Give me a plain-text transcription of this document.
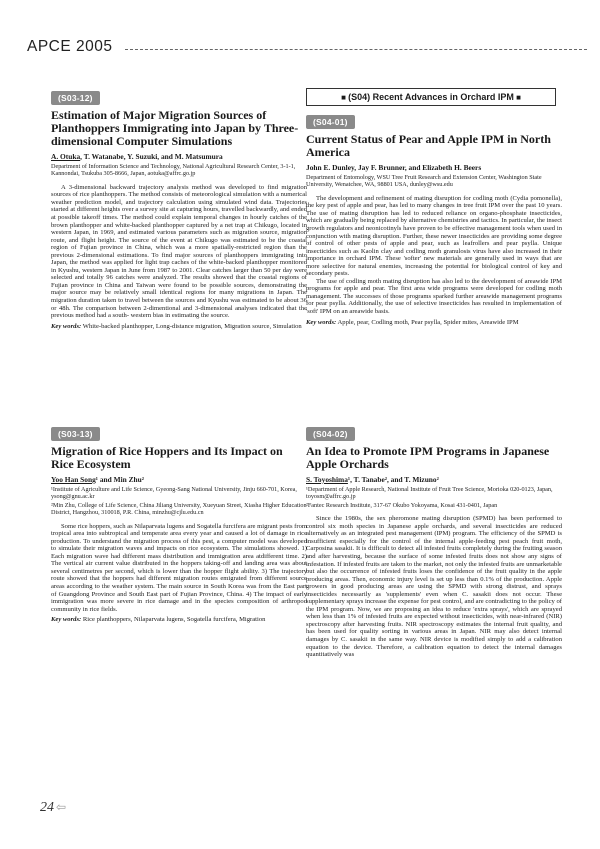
APCE 2005
(S03-12)
Estimation of Major Migration Sources of Planthoppers Immigrating into Japan by Three-dimensional Computer Simulations
A. Otuka, T. Watanabe, Y. Suzuki, and M. Matsumura
Department of Information Science and Technology, National Agricultural Research Center, 3-1-1, Kannondai, Tsukuba 305-8666, Japan, aotuka@affrc.go.jp

A 3-dimensional backward trajectory analysis method was developed to find migration sources of rice planthoppers. The method consists of meteorological simulation with a numerical weather prediction model, and trajectory calculation using simulated wind data. Trajectories started at different heights over a survey site at capturing hours, travelled backwardly, and ended at possible takeoff times. The method could explain temporal changes in hourly catches of the brown planthopper and white-backed planthopper captured by a net trap at Chikugo, located in western Japan, in 1969, and estimated various parameters such as migration source, migration route, and flight height. The source of the event at Chikugo was estimated to be the coastal region of Fujian province in China, which was a more spatially-restricted region than the previous 2-dimensional estimations. To find major sources of planthoppers immigrating into Japan, the method was applied for light trap caches of the white-backed planthopper monitored in Kyushu, western Japan in June from 1987 to 2001. Clear catches larger than 50 per day were selected and totally 96 catches were analyzed. The results showed that the coastal regions of Fujian province in China and Taiwan were found to be possible sources, demonstrating the major source may be relatively small identical regions for many migrations in Japan. The migration duration taken to travel between the sources and Kyushu was estimated to be about 36 or 48h. The comparison between 2-dimentional and 3-dimensional analyses indicated that the previous method had a south- western bias in estimating the source.

Key words: White-backed planthopper, Long-distance migration, Migration source, Simulation
(S03-13)
Migration of Rice Hoppers and Its Impact on Rice Ecosystem
Yoo Han Song¹ and Min Zhu²
¹Institute of Agriculture and Life Science, Gyeong-Sang National University, Jinju 660-701, Korea, ysong@gnu.ac.kr
²Min Zhu, College of Life Science, China Jiliang University, Xueyuan Street, Xiasha Higher Education District, Hangzhou, 310018, P.R. China, minzhu@cjlu.edu.cn

Some rice hoppers, such as Nilaparvata lugens and Sogatella furcifera are migrant pests from tropical area into subtropical and temperate area every year and caused a lot of damage in rice production. To understand the migration process of this pest, a computer model was developed to simulate their migration waves and impacts on rice ecosystem. The simulations showed. 1) Each migration wave had different mass distribution and immigration area atdifferent time. 2) The vertical air current value distributed in the hoppers taking-off and landing area was about several centimetres per second, which is lower than the hopper flight ability. 3) The trajectory route showed that the hoppers had different migration routes emigrated from different source areas according to the weather system. The main source in South Korea was from the East part of Guangdong Province and South East part of Fujian Province, China. 4) The impact of early immigration was more severe in rice damage and in the species composition of arthropod community in rice fields.

Key words: Rice planthoppers, Nilaparvata lugens, Sogatella furcifera, Migration
■ (S04) Recent Advances in Orchard IPM ■
(S04-01)
Current Status of Pear and Apple IPM in North America
John E. Dunley, Jay F. Brunner, and Elizabeth H. Beers
Department of Entomology, WSU Tree Fruit Research and Extension Center, Washington State University, Wenatchee, WA, 98801 USA, dunley@wsu.edu

The development and refinement of mating disruption for codling moth (Cydia pomonella), the key pest of apple and pear, has led to many changes in tree fruit IPM over the past 10 years. The use of mating disruption has led to reduced reliance on organo-phosphate insecticides, which are gradually being replaced by alternative chemistries and tactics. In particular, the insect growth regulators and neonicotinyls have proven to be effective management tools when used in conjunction with mating disruption. Further, these newer insecticides are providing some degree of control of other pests of apple and pear, such as leafrollers and pear psylla. Unique insecticides such as Kaolin clay and codling moth granulosis virus have also increased in their importance in orchard IPM. These 'softer' new materials are generally used in ways that are more selective for natural enemies, increasing the potential for biological control of key and secondary pests.

The use of codling moth mating disruption has also led to the development of areawide IPM programs for apple and pear. The first area wide programs were developed for codling moth management. The successes of those programs sparked further areawide management programs for pear psylla. Additionally, the use of selective insecticides has resulted in implementation of 'soft' IPM on an areawide basis.

Key words: Apple, pear, Codling moth, Pear psylla, Spider mites, Areawide IPM
(S04-02)
An Idea to Promote IPM Programs in Japanese Apple Orchards
S. Toyoshima¹, T. Tanabe², and T. Mizuno²
¹Department of Apple Research, National Institute of Fruit Tree Science, Morioka 020-0123, Japan, toyosm@affrc.go.jp
²Fantec Research Institute, 317-67 Okubo Yokoyama, Kosai 431-0401, Japan

Since the 1980s, the sex pheromone mating disruption (SPMD) has been performed to control six moth species in Japanese apple orchards, and several insecticides are reduced alternatively as an integrated pest management (IPM) program. The efficiency of the SPMD is insufficient especially for the control of the internal apple-feeding pest peach fruit moth, Carposina sasakii. It is difficult to detect all infested fruits completely during the fruiting season and after harvesting, because the surface of some infested fruits does not show any signs of infestation. If infested fruits are taken to the market, not only the infested fruits are unmarketable but also the occurrence of infested fruits loses the confidence of the fruit quality in the apple producing areas. Then, economic injury level is set up less than 0.1% of the production. Apple growers in good producing areas are using the SPMD with strong distrust, and sprays insecticides necessarily as 'supplements' even when C. sasakii does not occur. These supplementary sprays increase the expense for pest control, and are contradicting to the policy of the IPM program. Now, we are proposing an idea to reduce 'extra sprays', which are sprayed when less than 1% of infested fruits are expected without insecticides, with near-infrared (NIR) spectroscopy after harvesting fruits. NIR spectroscopy estimates the internal fruit quality, and has been used for quality sorting in various areas in Japan. NIR may also detect internal damages by C. sasakii in the same way. NIR device is modified simply to add a calibration equation to the device. Therefore, a calibration equation to detect the internal damages quantitatively was

24 ⇦
